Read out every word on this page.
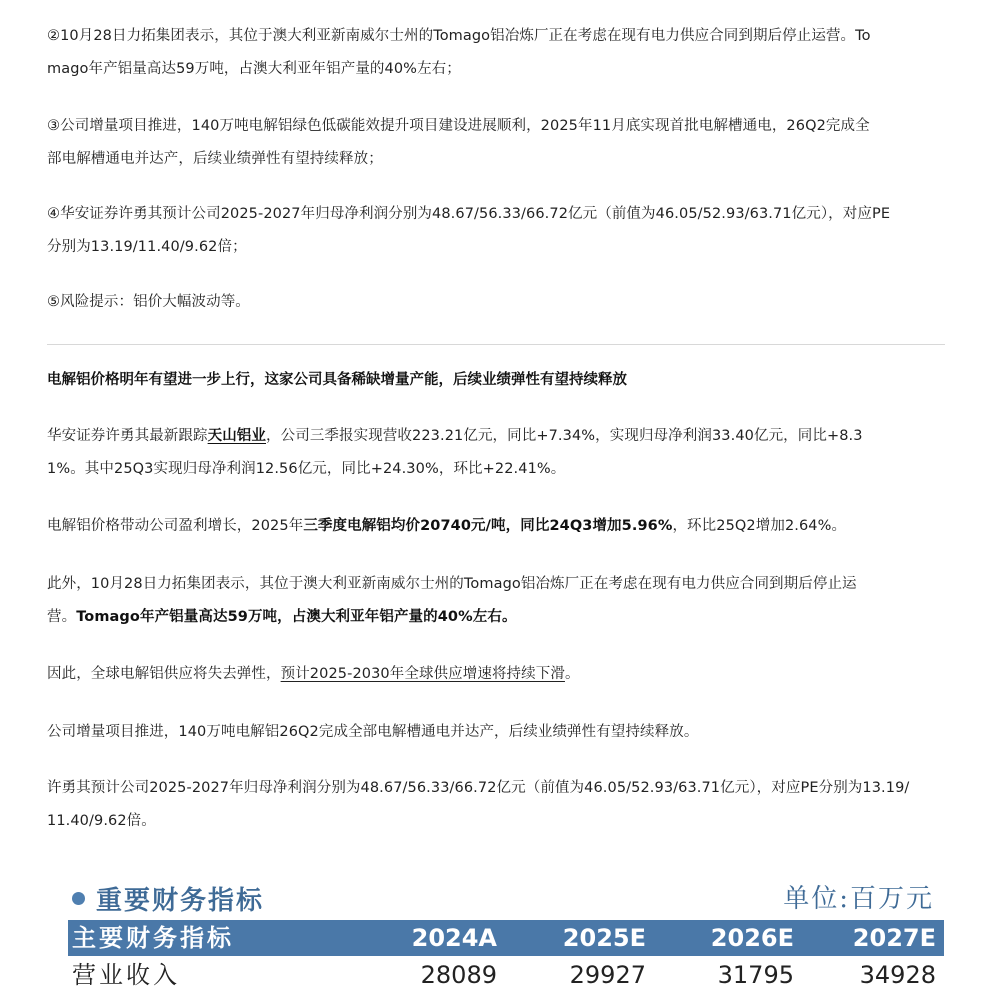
②10月28日力拓集团表示，其位于澳大利亚新南威尔士州的Tomago铝冶炼厂正在考虑在现有电力供应合同到期后停止运营。To
mago年产铝量高达59万吨，占澳大利亚年铝产量的40%左右；

③公司增量项目推进，140万吨电解铝绿色低碳能效提升项目建设进展顺利，2025年11月底实现首批电解槽通电，26Q2完成全
部电解槽通电并达产，后续业绩弹性有望持续释放；

④华安证券许勇其预计公司2025-2027年归母净利润分别为48.67/56.33/66.72亿元（前值为46.05/52.93/63.71亿元），对应PE
分别为13.19/11.40/9.62倍；

⑤风险提示：铝价大幅波动等。

电解铝价格明年有望进一步上行，这家公司具备稀缺增量产能，后续业绩弹性有望持续释放

华安证券许勇其最新跟踪天山铝业，公司三季报实现营收223.21亿元，同比+7.34%，实现归母净利润33.40亿元，同比+8.3
1%。其中25Q3实现归母净利润12.56亿元，同比+24.30%，环比+22.41%。

电解铝价格带动公司盈利增长，2025年三季度电解铝均价20740元/吨，同比24Q3增加5.96%，环比25Q2增加2.64%。

此外，10月28日力拓集团表示，其位于澳大利亚新南威尔士州的Tomago铝冶炼厂正在考虑在现有电力供应合同到期后停止运
营。Tomago年产铝量高达59万吨，占澳大利亚年铝产量的40%左右。

因此，全球电解铝供应将失去弹性，预计2025-2030年全球供应增速将持续下滑。

公司增量项目推进，140万吨电解铝26Q2完成全部电解槽通电并达产，后续业绩弹性有望持续释放。

许勇其预计公司2025-2027年归母净利润分别为48.67/56.33/66.72亿元（前值为46.05/52.93/63.71亿元），对应PE分别为13.19/
11.40/9.62倍。

重要财务指标	单位:百万元
主要财务指标	2024A	2025E	2026E 2027E
营业收入	28089	29927	31795	34928
